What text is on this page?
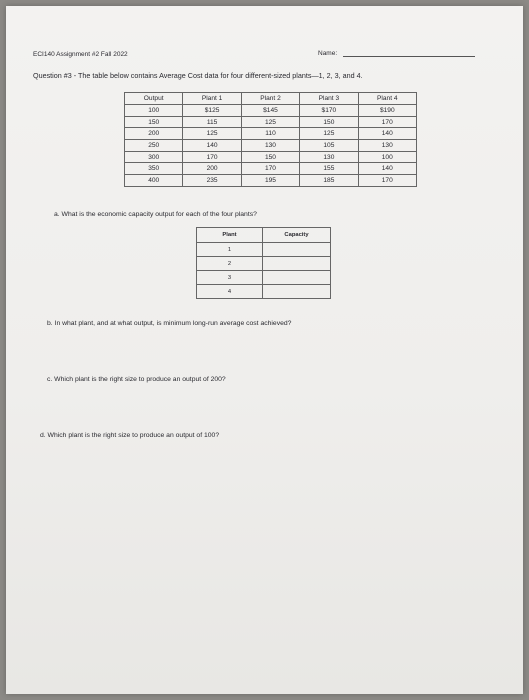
ECI140 Assignment #2 Fall 2022	Name:
Question #3 - The table below contains Average Cost data for four different-sized plants—1, 2, 3, and 4.
Output	Plant 1	Plant 2	Plant 3	Plant 4
100	$125	$145	$170	$190
150	115	125	150	170
200	125	110	125	140
250	140	130	105	130
300	170	150	130	100
350	200	170	155	140
400	235	195	185	170
a. What is the economic capacity output for each of the four plants?
Plant	Capacity
1	
2	
3	
4	
b. In what plant, and at what output, is minimum long-run average cost achieved?
c. Which plant is the right size to produce an output of 200?
d. Which plant is the right size to produce an output of 100?
